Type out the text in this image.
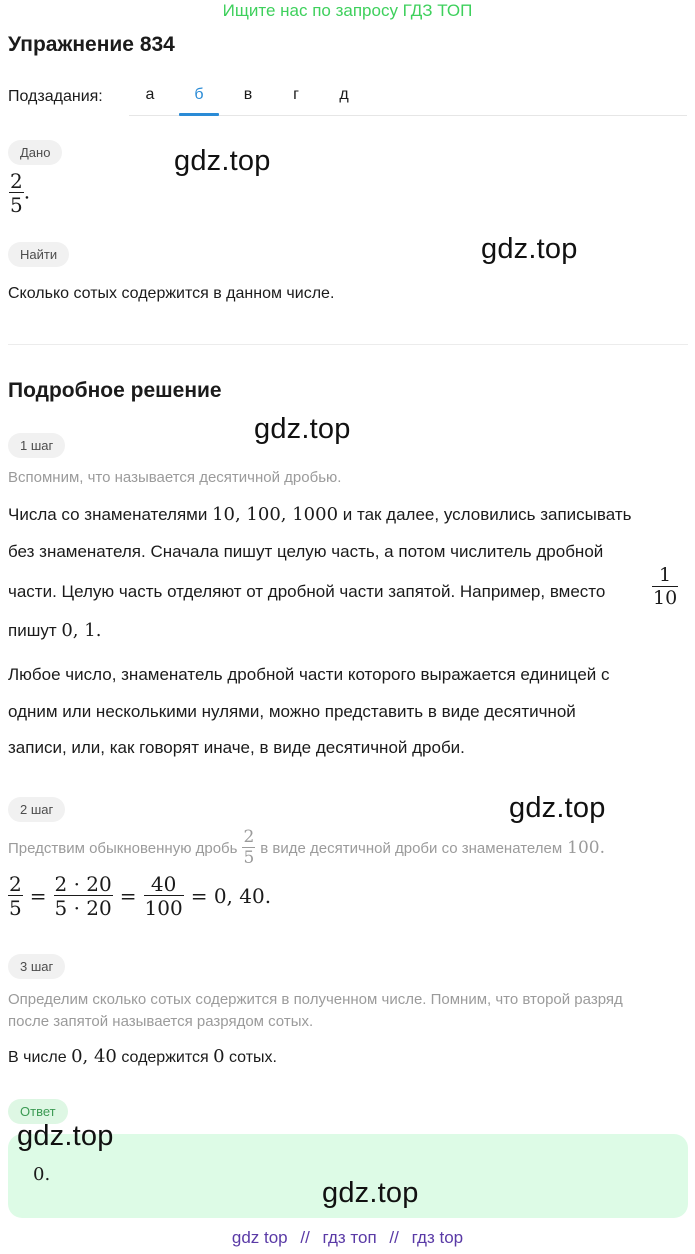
Ищите нас по запросу ГДЗ ТОП
Упражнение 834
Подзадания:	а	б	в	г	д
Дано
$\frac{2}{5}$ .
Найти
Сколько сотых содержится в данном числе.
Подробное решение
1 шаг
Вспомним, что называется десятичной дробью.
Числа со знаменателями 10, 100, 1000 и так далее, условились записывать
без знаменателя. Сначала пишут целую часть, а потом числитель дробной
части. Целую часть отделяют от дробной части запятой. Например, вместо $\frac{1}{10}$
пишут 0, 1.
Любое число, знаменатель дробной части которого выражается единицей с
одним или несколькими нулями, можно представить в виде десятичной
записи, или, как говорят иначе, в виде десятичной дроби.
2 шаг
Предствим обыкновенную дробь $\frac{2}{5}$ в виде десятичной дроби со знаменателем 100.
$\frac{2}{5} = \frac{2 \cdot 20}{5 \cdot 20} = \frac{40}{100} = 0$, 40.
3 шаг
Определим сколько сотых содержится в полученном числе. Помним, что второй разряд
после запятой называется разрядом сотых.
В числе 0, 40 содержится 0 сотых.
Ответ
0.
gdz.top
gdz.top
gdz.top
gdz.top
gdz.top
gdz.top
gdz top // гдз топ // гдз top
